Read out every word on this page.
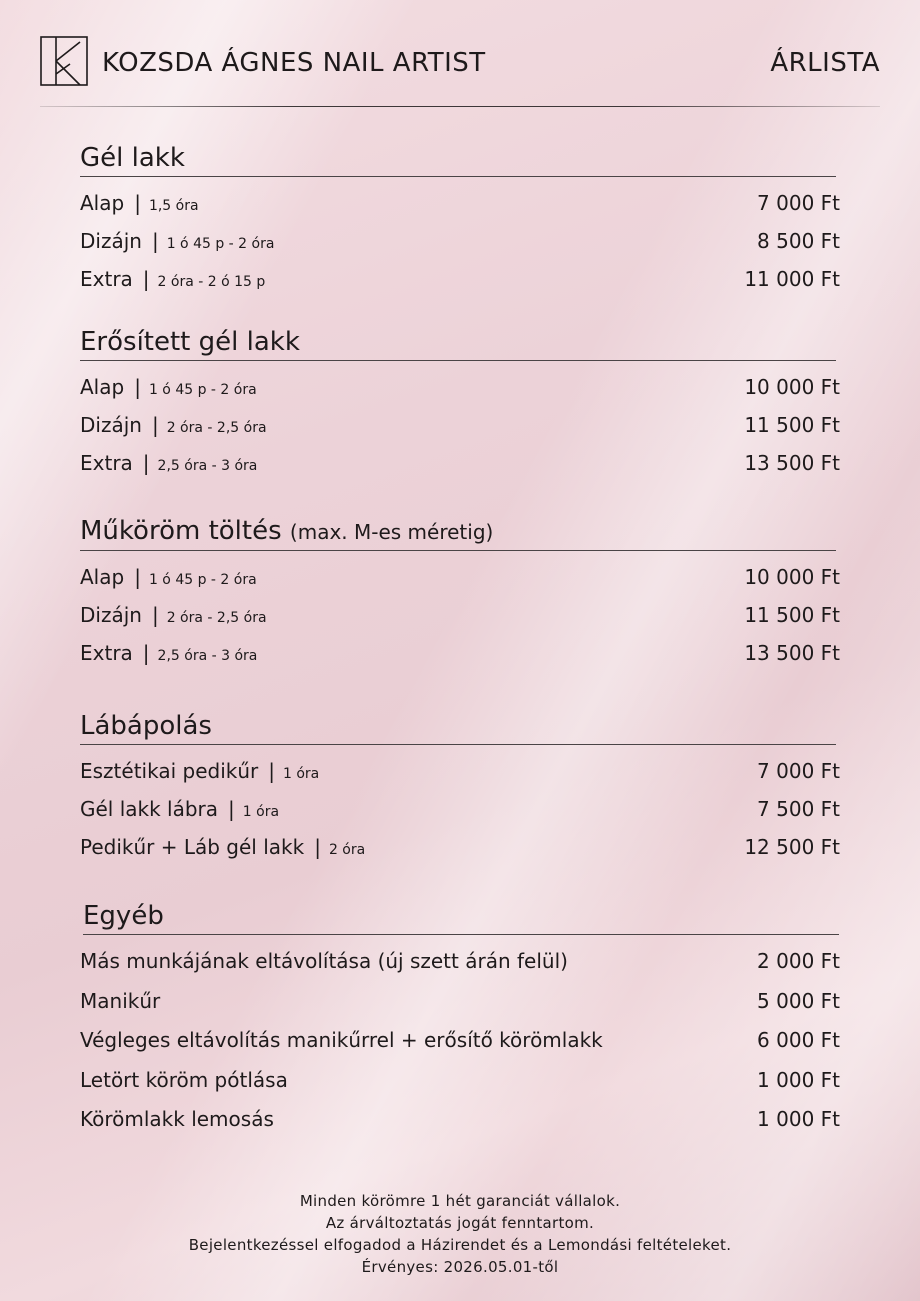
KOZSDA ÁGNES NAIL ARTIST	ÁRLISTA
Gél lakk
Alap | 1,5 óra	7 000 Ft
Dizájn | 1 ó 45 p - 2 óra	8 500 Ft
Extra | 2 óra - 2 ó 15 p	11 000 Ft
Erősített gél lakk
Alap | 1 ó 45 p - 2 óra	10 000 Ft
Dizájn | 2 óra - 2,5 óra	11 500 Ft
Extra | 2,5 óra - 3 óra	13 500 Ft
Műköröm töltés (max. M-es méretig)
Alap | 1 ó 45 p - 2 óra	10 000 Ft
Dizájn | 2 óra - 2,5 óra	11 500 Ft
Extra | 2,5 óra - 3 óra	13 500 Ft
Lábápolás
Esztétikai pedikűr | 1 óra	7 000 Ft
Gél lakk lábra | 1 óra	7 500 Ft
Pedikűr + Láb gél lakk | 2 óra	12 500 Ft
Egyéb
Más munkájának eltávolítása (új szett árán felül)	2 000 Ft
Manikűr	5 000 Ft
Végleges eltávolítás manikűrrel + erősítő körömlakk	6 000 Ft
Letört köröm pótlása	1 000 Ft
Körömlakk lemosás	1 000 Ft
Minden körömre 1 hét garanciát vállalok.
Az árváltoztatás jogát fenntartom.
Bejelentkezéssel elfogadod a Házirendet és a Lemondási feltételeket.
Érvényes: 2026.05.01-től
